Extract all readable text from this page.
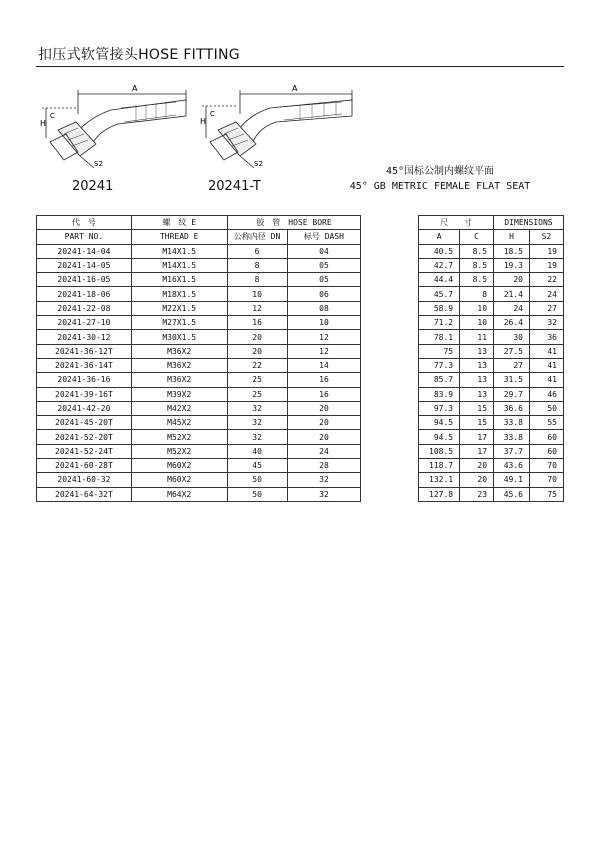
扣压式软管接头HOSE FITTING
A
H
C
S2
A
H
C
S2
20241	20241-T
45°国标公制内螺纹平面
45° GB METRIC FEMALE FLAT SEAT
代　号	螺　纹 E	胶　管　HOSE BORE			尺　　寸		DIMENSIONS	
PART NO.	THREAD E	公称内径 DN	标号 DASH		A	C	H	S2
20241-14-04	M14X1.5	6	04		40.5	8.5	18.5	19
20241-14-05	M14X1.5	8	05		42.7	8.5	19.3	19
20241-16-05	M16X1.5	8	05		44.4	8.5	20	22
20241-18-06	M18X1.5	10	06		45.7	8	21.4	24
20241-22-08	M22X1.5	12	08		58.9	10	24	27
20241-27-10	M27X1.5	16	10		71.2	10	26.4	32
20241-30-12	M30X1.5	20	12		78.1	11	30	36
20241-36-12T	M36X2	20	12		75	13	27.5	41
20241-36-14T	M36X2	22	14		77.3	13	27	41
20241-36-16	M36X2	25	16		85.7	13	31.5	41
20241-39-16T	M39X2	25	16		83.9	13	29.7	46
20241-42-20	M42X2	32	20		97.3	15	36.6	50
20241-45-20T	M45X2	32	20		94.5	15	33.8	55
20241-52-20T	M52X2	32	20		94.5	17	33.8	60
20241-52-24T	M52X2	40	24		108.5	17	37.7	60
20241-60-28T	M60X2	45	28		118.7	20	43.6	70
20241-60-32	M60X2	50	32		132.1	20	49.1	70
20241-64-32T	M64X2	50	32		127.8	23	45.6	75
